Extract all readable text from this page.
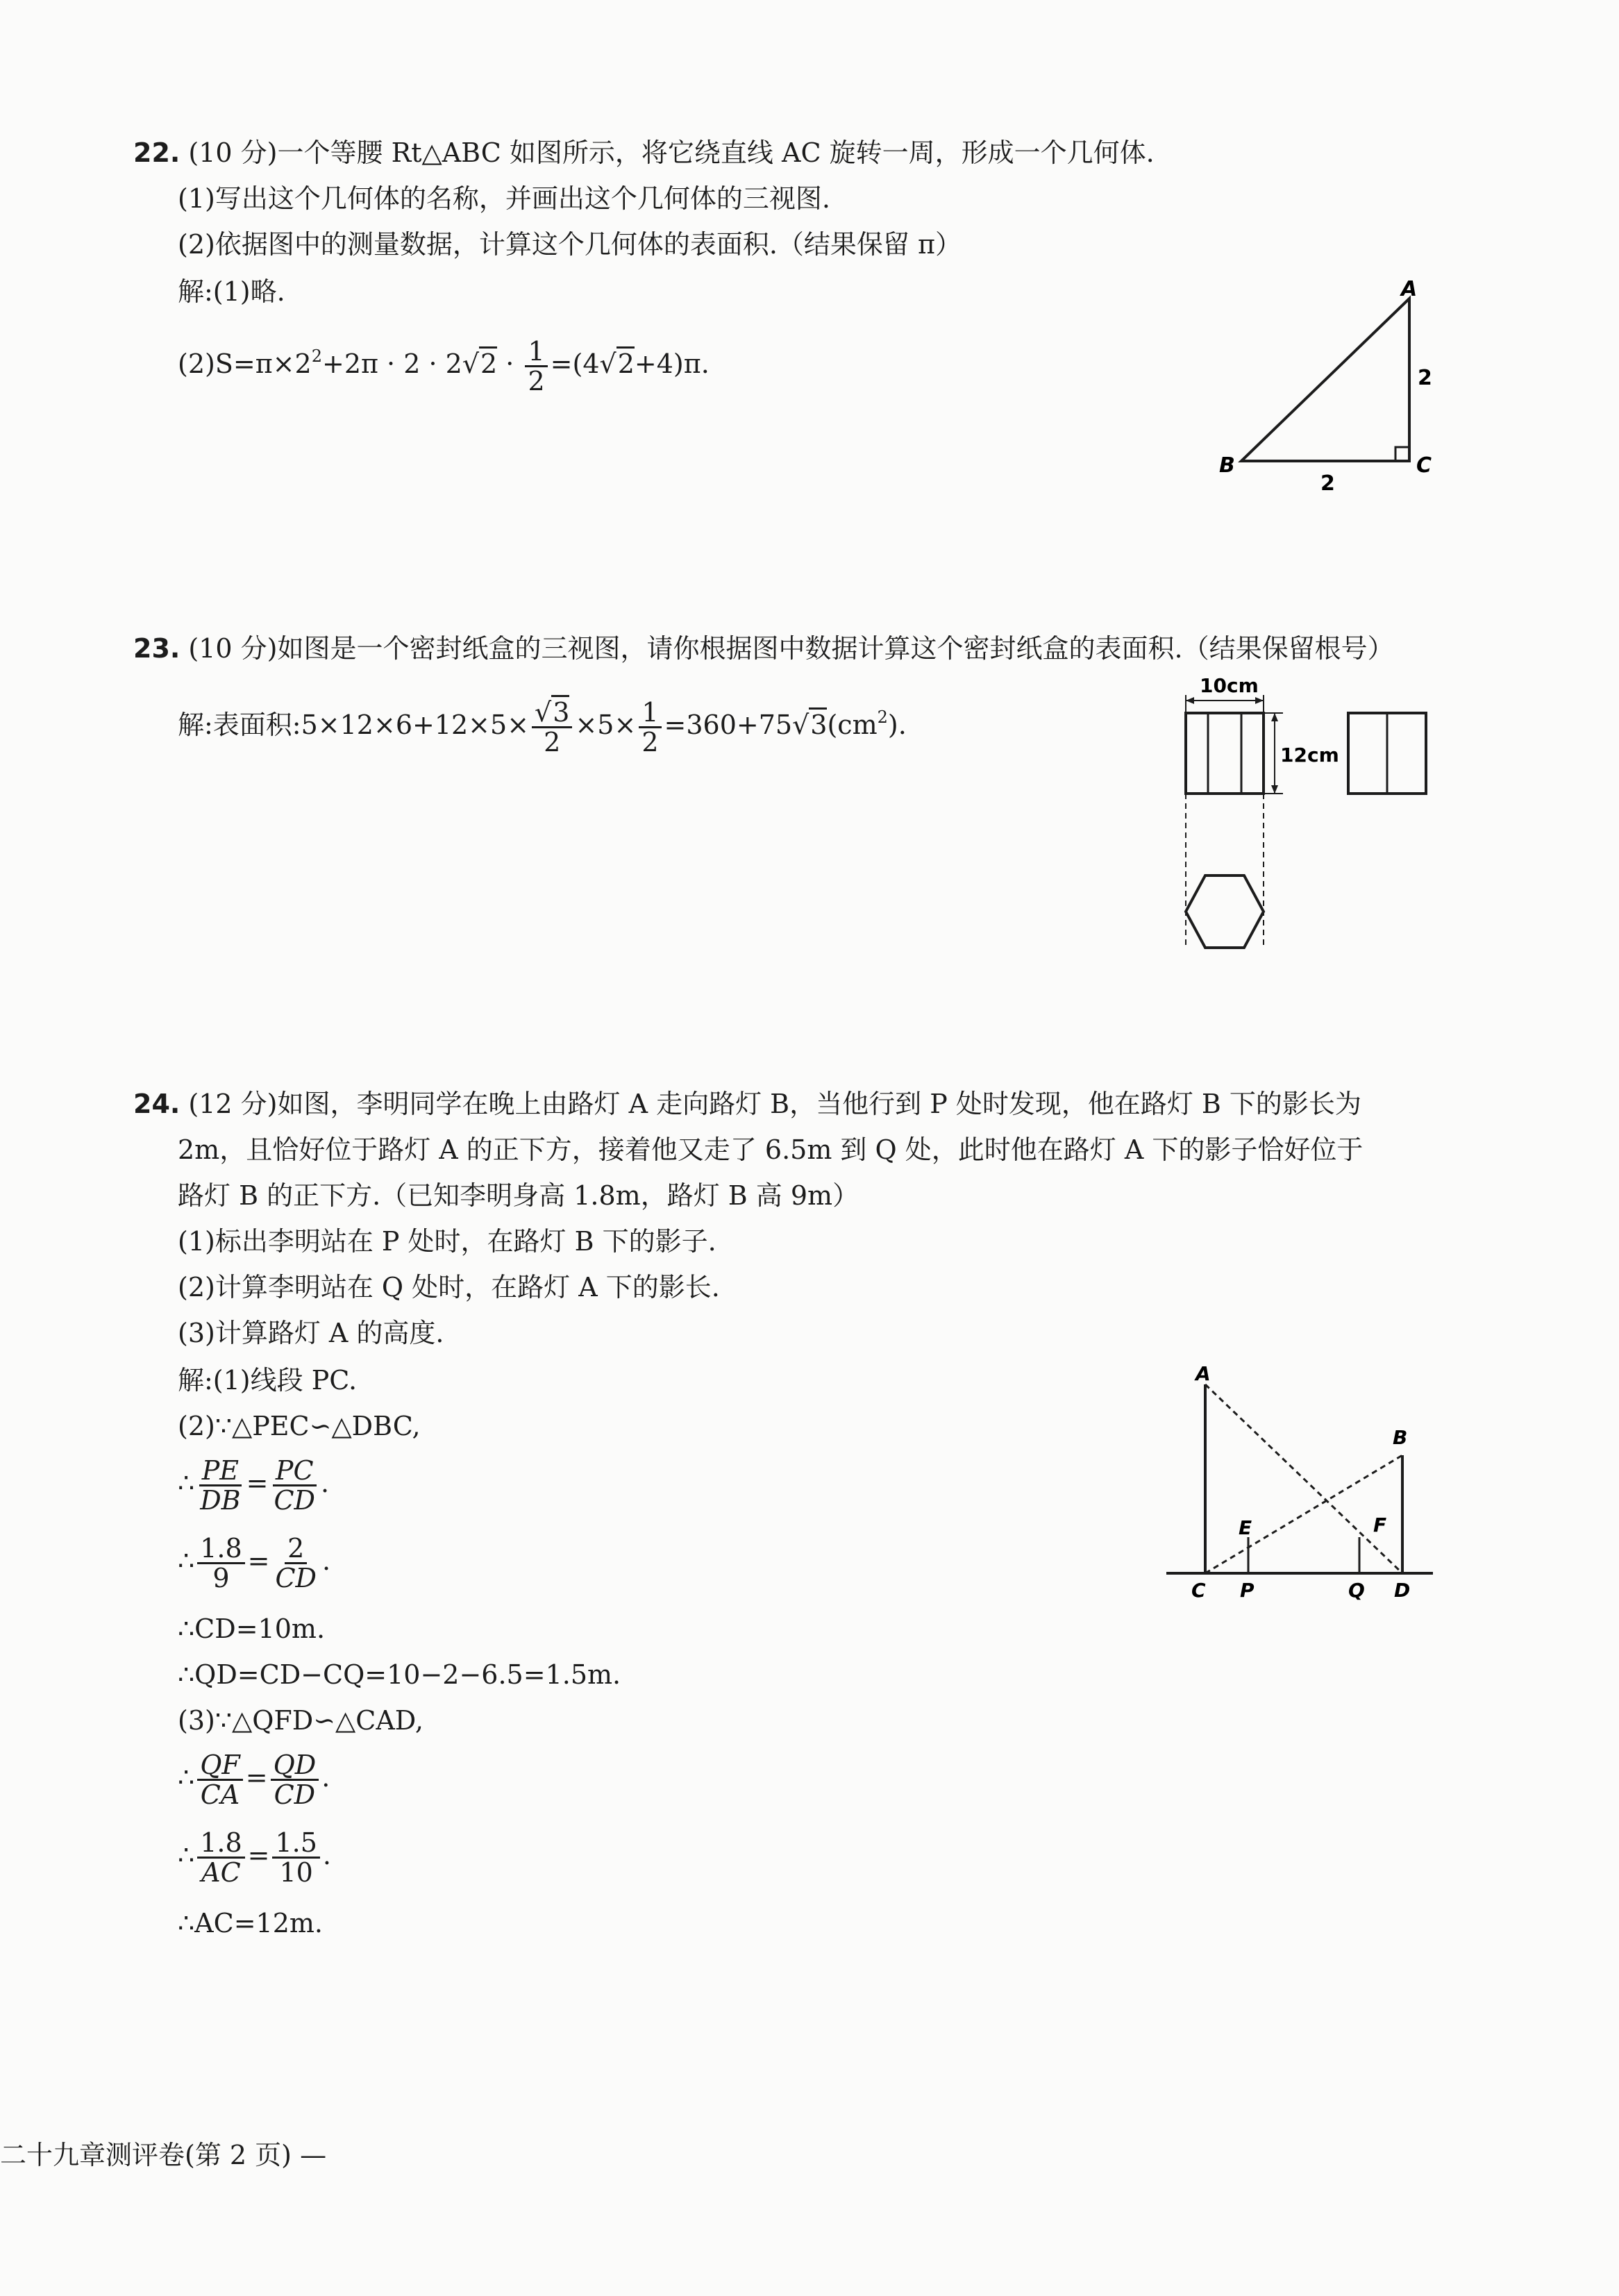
22. (10 分)一个等腰 Rt△ABC 如图所示，将它绕直线 AC 旋转一周，形成一个几何体.
(1)写出这个几何体的名称，并画出这个几何体的三视图.
(2)依据图中的测量数据，计算这个几何体的表面积.（结果保留 π）
解:(1)略.
$(2)S=\pi\times 2^2+2\pi \cdot 2 \cdot 2√2 \cdot \frac{1}{2} =(4√2+4)\pi$.
A
B	C
2
2
23. (10 分)如图是一个密封纸盒的三视图，请你根据图中数据计算这个密封纸盒的表面积.（结果保留根号）
解:表面积:5×12×6+12×5× $\frac{√3}{2} \times 5\times \frac{1}{2} =360+75√3(cm^2)$.
10cm
12cm
24. (12 分)如图，李明同学在晚上由路灯 A 走向路灯 B，当他行到 P 处时发现，他在路灯 B 下的影长为
2m，且恰好位于路灯 A 的正下方，接着他又走了 6.5m 到 Q 处，此时他在路灯 A 下的影子恰好位于
路灯 B 的正下方.（已知李明身高 1.8m，路灯 B 高 9m）
(1)标出李明站在 P 处时，在路灯 B 下的影子.
(2)计算李明站在 Q 处时，在路灯 A 下的影长.
(3)计算路灯 A 的高度.
解:(1)线段 PC.
(2)∵△PEC∽△DBC,
∴ $\frac{PE}{DB} = \frac{PC}{CD}$ .
∴ $\frac{1.8}{9} = \frac{2}{CD}$ .
∴CD=10m.
∴QD=CD−CQ=10−2−6.5=1.5m.
(3)∵△QFD∽△CAD,
∴ $\frac{QF}{CA} = \frac{QD}{CD}$ .
∴ $\frac{1.8}{AC} = \frac{1.5}{10}$ .
∴AC=12m.
A
B
C P	Q D
E	F
二十九章测评卷(第 2 页) —
